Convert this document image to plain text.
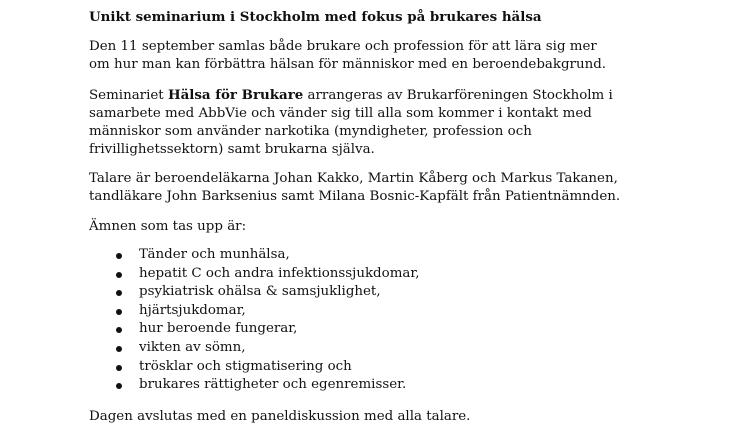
Unikt seminarium i Stockholm med fokus på brukares hälsa

Den 11 september samlas både brukare och profession för att lära sig mer om hur man kan förbättra hälsan för människor med en beroendebakgrund.

Seminariet Hälsa för Brukare arrangeras av Brukarföreningen Stockholm i samarbete med AbbVie och vänder sig till alla som kommer i kontakt med människor som använder narkotika (myndigheter, profession och frivillighetssektorn) samt brukarna själva.

Talare är beroendeläkarna Johan Kakko, Martin Kåberg och Markus Takanen, tandläkare John Barksenius samt Milana Bosnic-Kapfält från Patientnämnden.

Ämnen som tas upp är:

Tänder och munhälsa,
hepatit C och andra infektionssjukdomar,
psykiatrisk ohälsa & samsjuklighet,
hjärtsjukdomar,
hur beroende fungerar,
vikten av sömn,
trösklar och stigmatisering och
brukares rättigheter och egenremisser.

Dagen avslutas med en paneldiskussion med alla talare.
